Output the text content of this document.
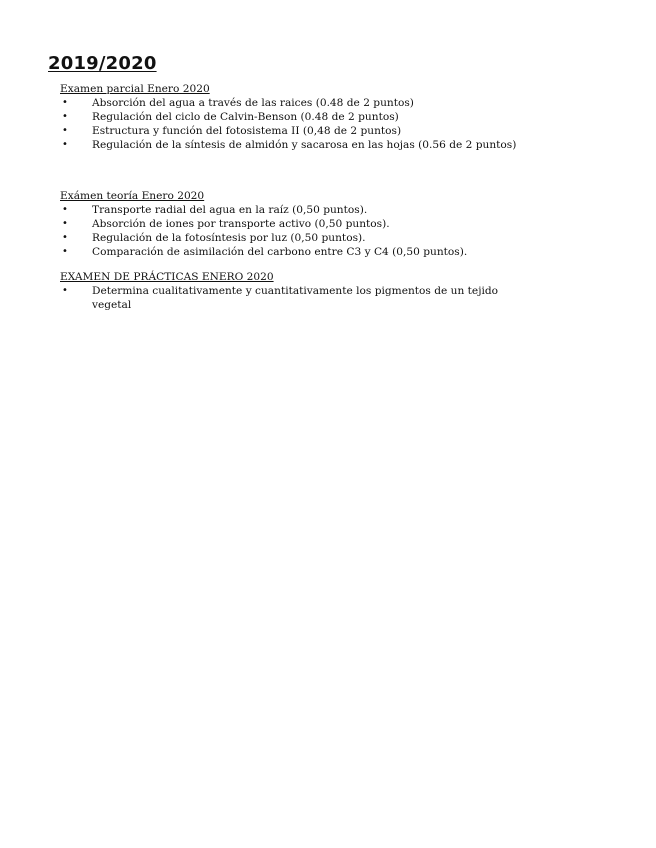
2019/2020
Examen parcial Enero 2020
• Absorción del agua a través de las raices (0.48 de 2 puntos)
• Regulación del ciclo de Calvin-Benson (0.48 de 2 puntos)
• Estructura y función del fotosistema II (0,48 de 2 puntos)
• Regulación de la síntesis de almidón y sacarosa en las hojas (0.56 de 2 puntos)
Exámen teoría Enero 2020
• Transporte radial del agua en la raíz (0,50 puntos).
• Absorción de iones por transporte activo (0,50 puntos).
• Regulación de la fotosíntesis por luz (0,50 puntos).
• Comparación de asimilación del carbono entre C3 y C4 (0,50 puntos).
EXAMEN DE PRÁCTICAS ENERO 2020
• Determina cualitativamente y cuantitativamente los pigmentos de un tejido vegetal
